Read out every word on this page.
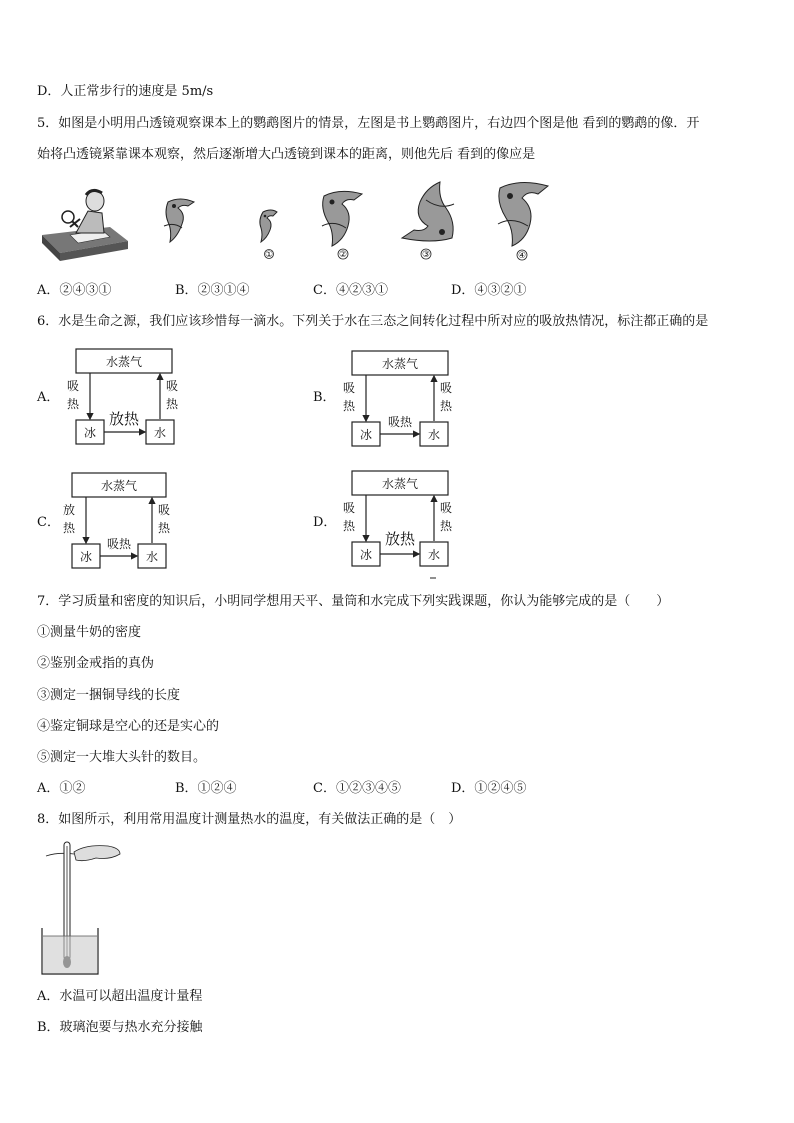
D．人正常步行的速度是 5m/s
5．如图是小明用凸透镜观察课本上的鹦鹉图片的情景，左图是书上鹦鹉图片，右边四个图是他 看到的鹦鹉的像．开
始将凸透镜紧靠课本观察，然后逐渐增大凸透镜到课本的距离，则他先后 看到的像应是
①	②	③	④
A．②④③①	B．②③①④	C．④②③①	D．④③②①
6．水是生命之源，我们应该珍惜每一滴水。下列关于水在三态之间转化过程中所对应的吸放热情况，标注都正确的是
A．
水蒸气
冰	水
吸
热
吸
热
放热
B．
水蒸气
冰	水
吸
热
吸
热
吸热
C．
水蒸气
冰	水
放
热
吸
热
吸热
D．
水蒸气
冰	水
吸
热
吸
热
放热
7．学习质量和密度的知识后，小明同学想用天平、量筒和水完成下列实践课题，你认为能够完成的是（　　）
①测量牛奶的密度
②鉴别金戒指的真伪
③测定一捆铜导线的长度
④鉴定铜球是空心的还是实心的
⑤测定一大堆大头针的数目。
A．①②	B．①②④	C．①②③④⑤	D．①②④⑤
8．如图所示，利用常用温度计测量热水的温度，有关做法正确的是（　）
A．水温可以超出温度计量程
B．玻璃泡要与热水充分接触
